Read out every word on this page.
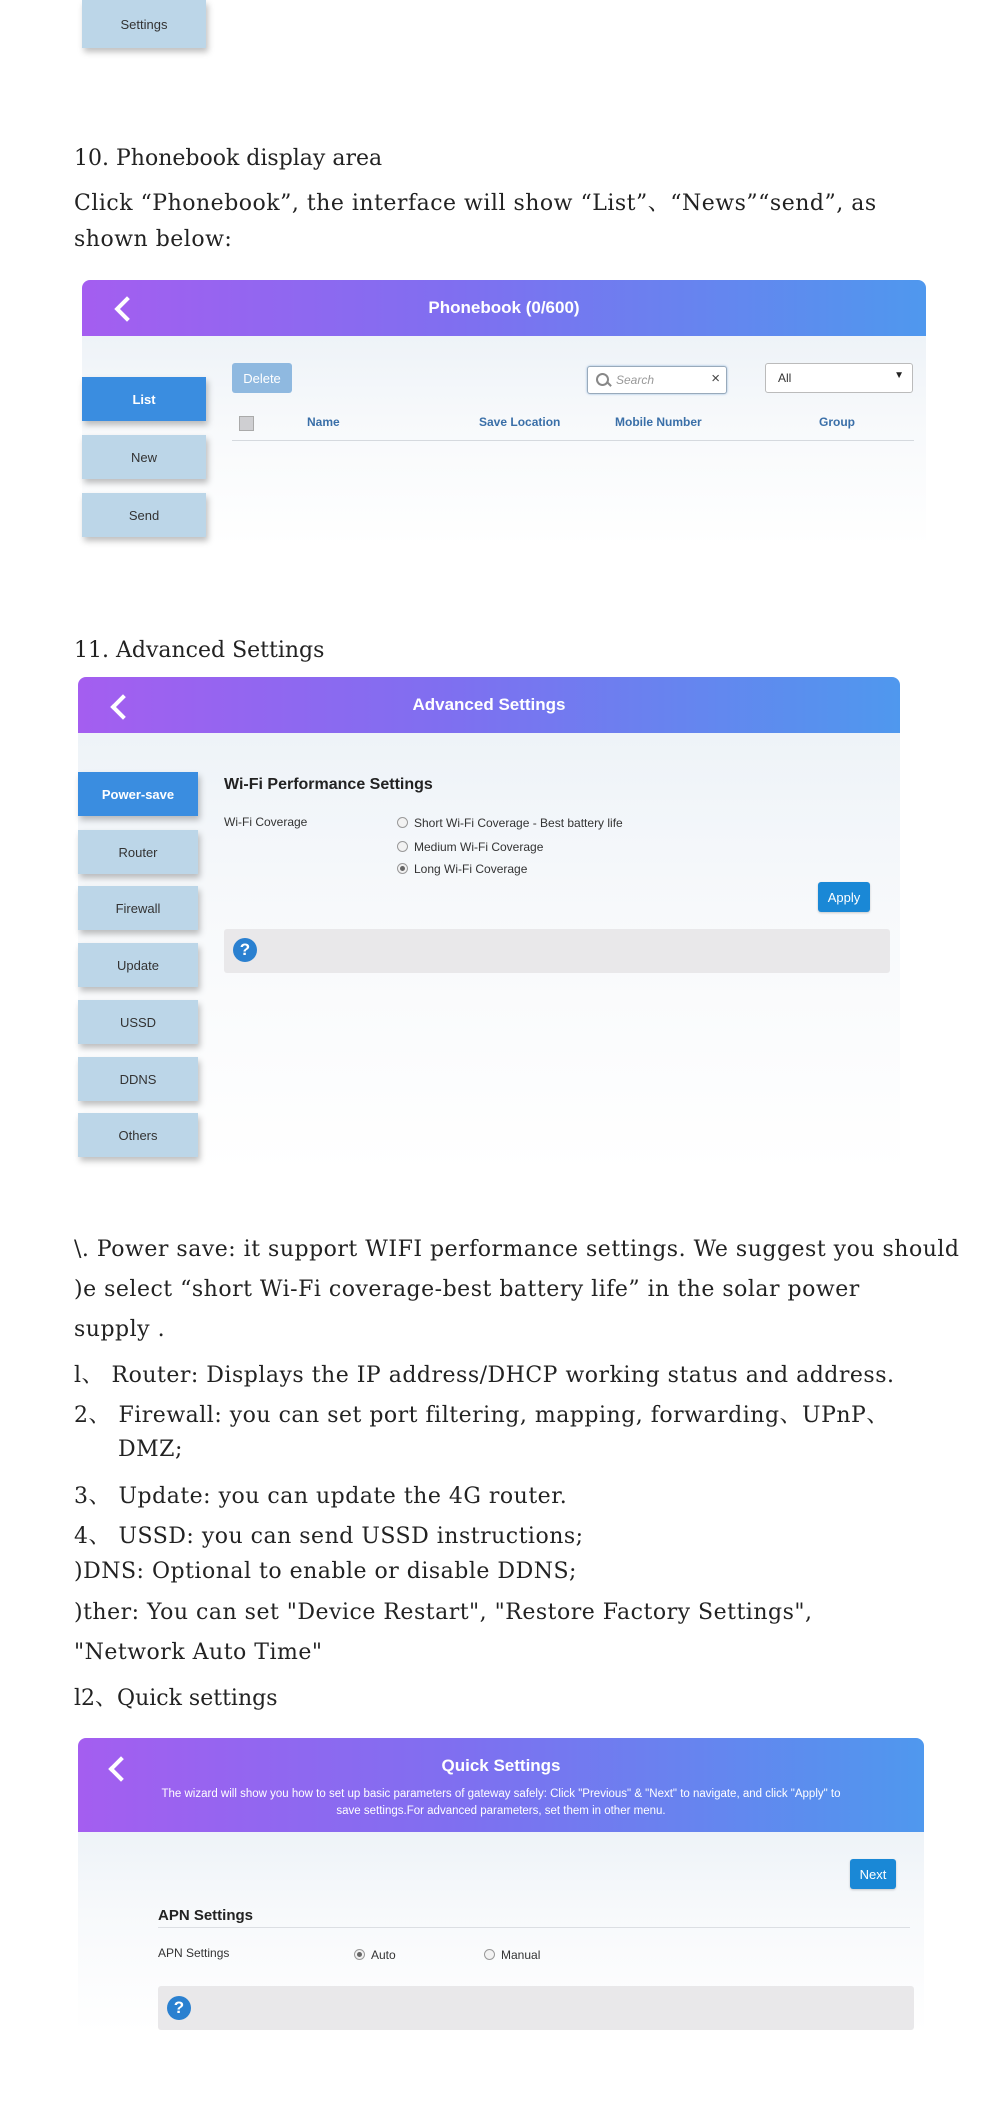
Settings
10. Phonebook display area
Click “Phonebook”, the interface will show “List”、“News”“send”, as
shown below:
Phonebook (0/600)
List
New
Send
Delete	Search	×	All	▼
Name	Save Location	Mobile Number	Group
11. Advanced Settings
Advanced Settings
Power-save
Router
Firewall
Update
USSD
DDNS
Others
Wi-Fi Performance Settings
Wi-Fi Coverage	Short Wi-Fi Coverage - Best battery life
Medium Wi-Fi Coverage
Long Wi-Fi Coverage
Apply
?
\. Power save: it support WIFI performance settings. We suggest you should
)e select “short Wi-Fi coverage-best battery life” in the solar power
supply .
l、 Router: Displays the IP address/DHCP working status and address.
2、 Firewall: you can set port filtering, mapping, forwarding、UPnP、
DMZ;
3、 Update: you can update the 4G router.
4、 USSD: you can send USSD instructions;
)DNS: Optional to enable or disable DDNS;
)ther: You can set "Device Restart", "Restore Factory Settings",
"Network Auto Time"
l2、Quick settings
Quick Settings
The wizard will show you how to set up basic parameters of gateway safely: Click "Previous" & "Next" to navigate, and click "Apply" to
save settings.For advanced parameters, set them in other menu.
Next
APN Settings
APN Settings	Auto	Manual
?
